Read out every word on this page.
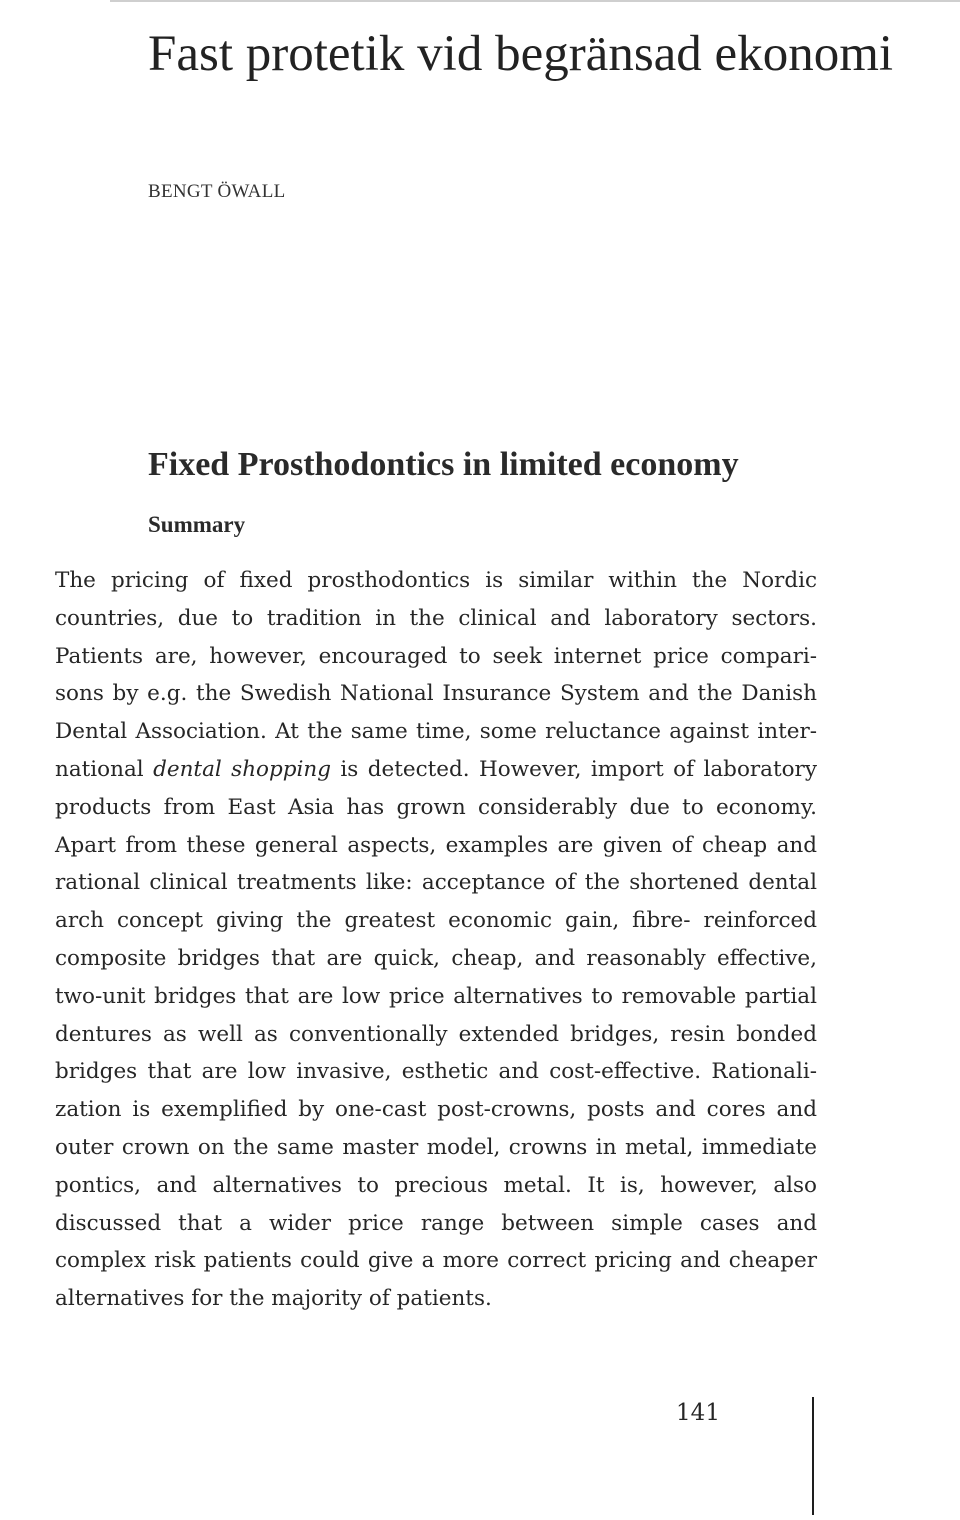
Fast protetik vid begränsad ekonomi
BENGT ÖWALL
Fixed Prosthodontics in limited economy
Summary

The pricing of fixed prosthodontics is similar within the Nordic countries, due to tradition in the clinical and laboratory sectors. Patients are, however, encouraged to seek internet price comparisons by e.g. the Swedish National Insurance System and the Danish Dental Association. At the same time, some reluctance against international dental shopping is detected. However, import of laboratory products from East Asia has grown considerably due to economy. Apart from these general aspects, examples are given of cheap and rational clinical treatments like: acceptance of the shortened dental arch concept giving the greatest economic gain, fibre- reinforced composite bridges that are quick, cheap, and reasonably effective, two-unit bridges that are low price alternatives to removable partial dentures as well as conventionally extended bridges, resin bonded bridges that are low invasive, esthetic and cost-effective. Rationalization is exemplified by one-cast post-crowns, posts and cores and outer crown on the same master model, crowns in metal, immediate pontics, and alternatives to precious metal. It is, however, also discussed that a wider price range between simple cases and complex risk patients could give a more correct pricing and cheaper alternatives for the majority of patients.

141
